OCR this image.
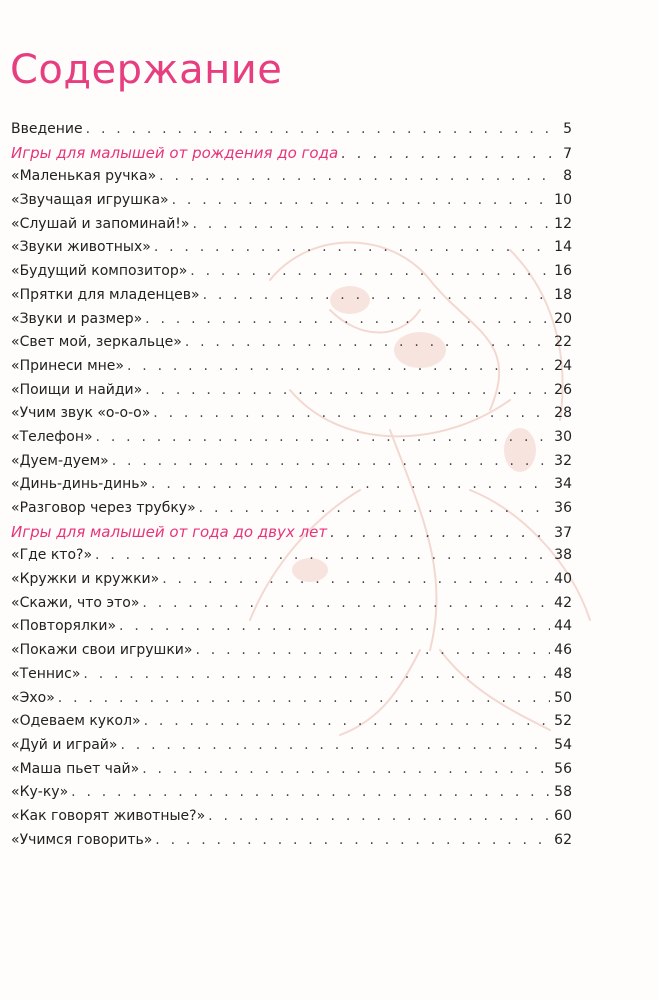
Содержание
Введение . . .	5
Игры для малышей от рождения до года . . .	7
«Маленькая ручка» . . .	8
«Звучащая игрушка» . . .	10
«Слушай и запоминай!» . . .	12
«Звуки животных» . . .	14
«Будущий композитор» . . .	16
«Прятки для младенцев» . . .	18
«Звуки и размер» . . .	20
«Свет мой, зеркальце» . . .	22
«Принеси мне» . . .	24
«Поищи и найди» . . .	26
«Учим звук «о-о-о» . . .	28
«Телефон» . . .	30
«Дуем-дуем» . . .	32
«Динь-динь-динь» . . .	34
«Разговор через трубку» . . .	36
Игры для малышей от года до двух лет . . .	37
«Где кто?» . . .	38
«Кружки и кружки» . . .	40
«Скажи, что это» . . .	42
«Повторялки» . . .	44
«Покажи свои игрушки» . . .	46
«Теннис» . . .	48
«Эхо» . . .	50
«Одеваем кукол» . . .	52
«Дуй и играй» . . .	54
«Маша пьет чай» . . .	56
«Ку-ку» . . .	58
«Как говорят животные?» . . .	60
«Учимся говорить» . . .	62
